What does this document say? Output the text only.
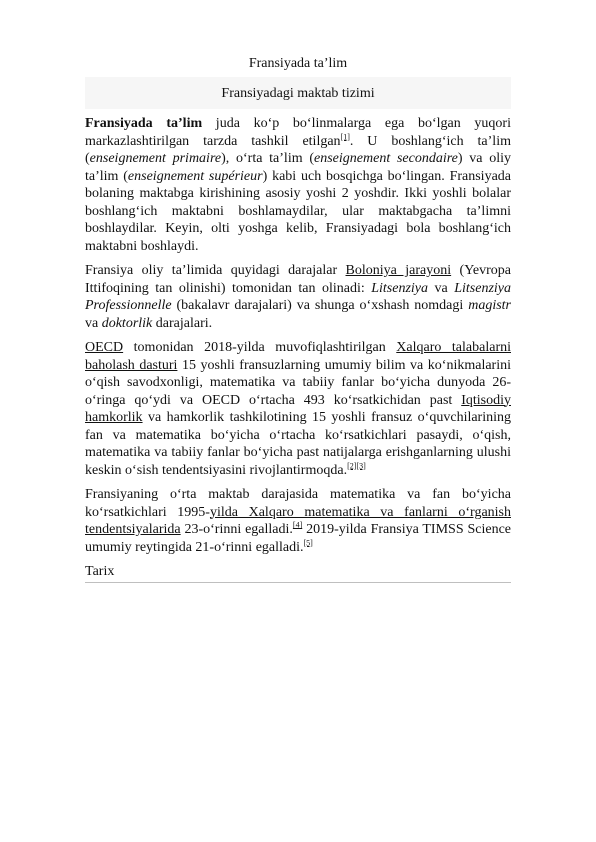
Fransiyada ta’lim
Fransiyadagi maktab tizimi

Fransiyada ta’lim juda ko‘p bo‘linmalarga ega bo‘lgan yuqori markazlashtirilgan tarzda tashkil etilgan[1]. U boshlang‘ich ta’lim (enseignement primaire), o‘rta ta’lim (enseignement secondaire) va oliy ta’lim (enseignement supérieur) kabi uch bosqichga bo‘lingan. Fransiyada bolaning maktabga kirishining asosiy yoshi 2 yoshdir. Ikki yoshli bolalar boshlang‘ich maktabni boshlamaydilar, ular maktabgacha ta’limni boshlaydilar. Keyin, olti yoshga kelib, Fransiyadagi bola boshlang‘ich maktabni boshlaydi.

Fransiya oliy ta’limida quyidagi darajalar Boloniya jarayoni (Yevropa Ittifoqining tan olinishi) tomonidan tan olinadi: Litsenziya va Litsenziya Professionnelle (bakalavr darajalari) va shunga o‘xshash nomdagi magistr va doktorlik darajalari.

OECD tomonidan 2018-yilda muvofiqlashtirilgan Xalqaro talabalarni baholash dasturi 15 yoshli fransuzlarning umumiy bilim va ko‘nikmalarini o‘qish savodxonligi, matematika va tabiiy fanlar bo‘yicha dunyoda 26-o‘ringa qo‘ydi va OECD o‘rtacha 493 ko‘rsatkichidan past Iqtisodiy hamkorlik va hamkorlik tashkilotining 15 yoshli fransuz o‘quvchilarining fan va matematika bo‘yicha o‘rtacha ko‘rsatkichlari pasaydi, o‘qish, matematika va tabiiy fanlar bo‘yicha past natijalarga erishganlarning ulushi keskin o‘sish tendentsiyasini rivojlantirmoqda.[2][3]

Fransiyaning o‘rta maktab darajasida matematika va fan bo‘yicha ko‘rsatkichlari 1995-yilda Xalqaro matematika va fanlarni o‘rganish tendentsiyalarida 23-o‘rinni egalladi.[4] 2019-yilda Fransiya TIMSS Science umumiy reytingida 21-o‘rinni egalladi.[5]

Tarix
